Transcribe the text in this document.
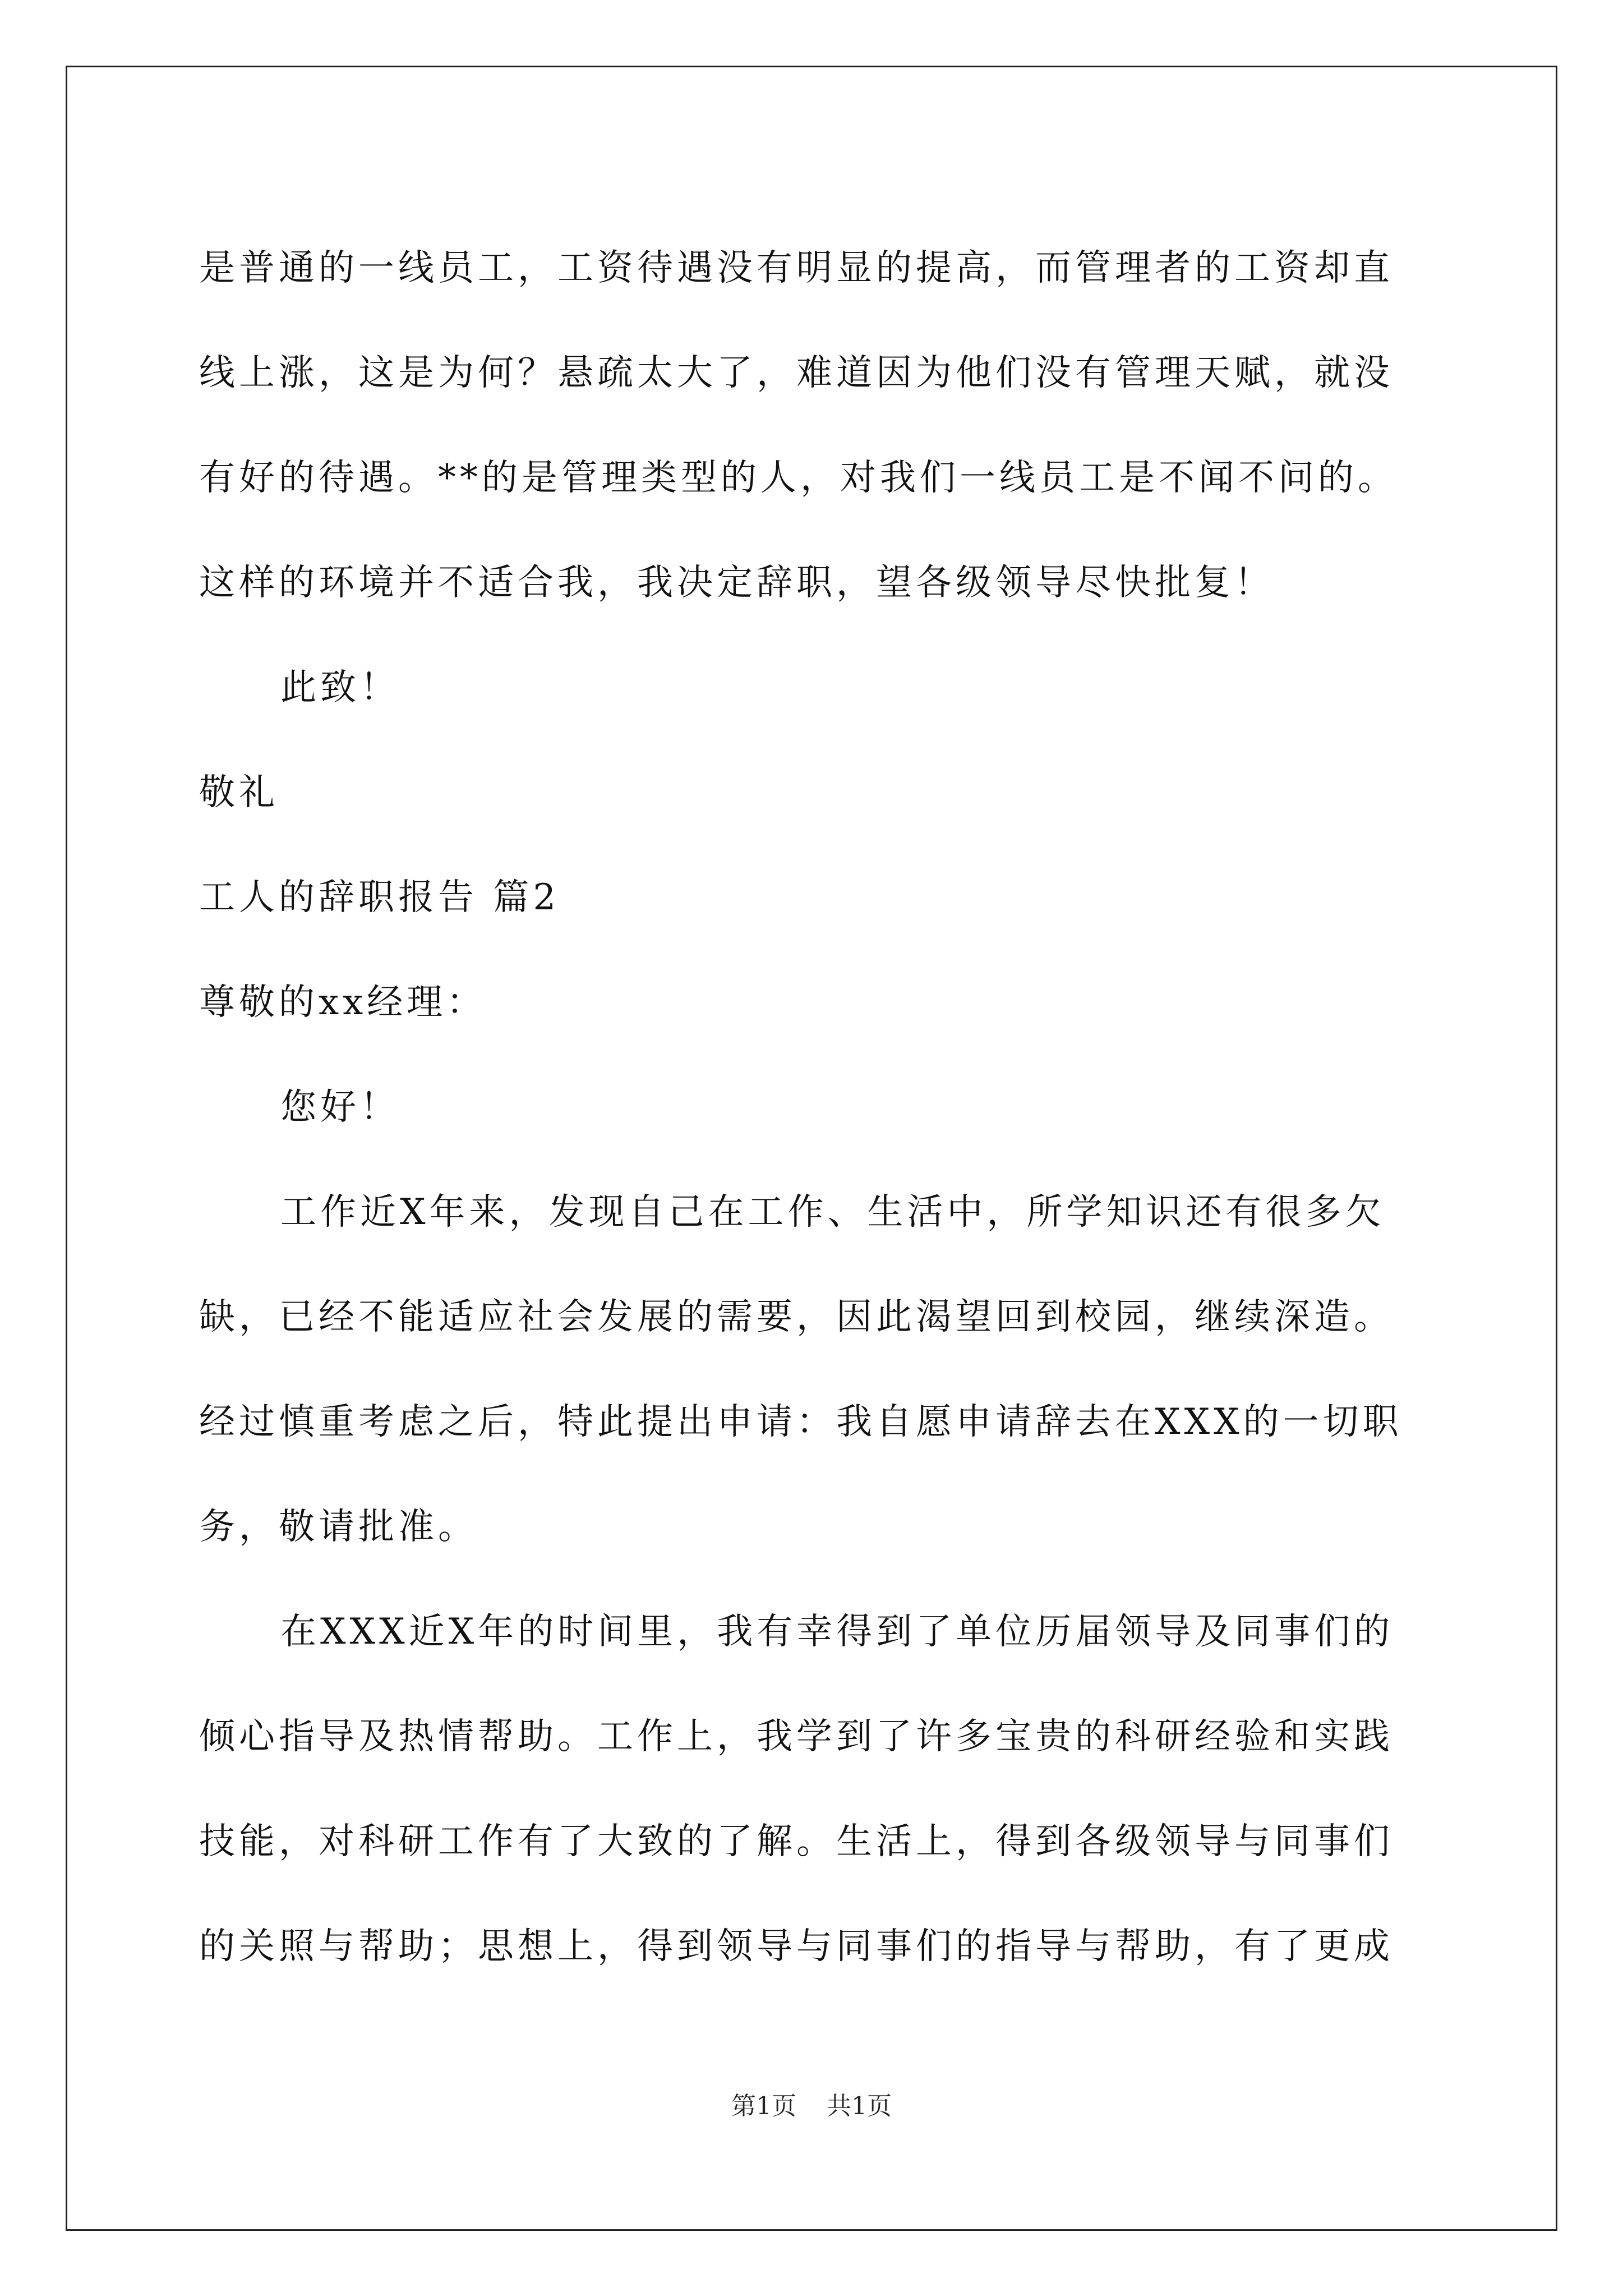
是普通的一线员工，工资待遇没有明显的提高，而管理者的工资却直
线上涨，这是为何？悬疏太大了，难道因为他们没有管理天赋，就没
有好的待遇。**的是管理类型的人，对我们一线员工是不闻不问的。
这样的环境并不适合我，我决定辞职，望各级领导尽快批复！
此致！
敬礼
工人的辞职报告 篇2
尊敬的xx经理：
您好！
工作近X年来，发现自己在工作、生活中，所学知识还有很多欠
缺，已经不能适应社会发展的需要，因此渴望回到校园，继续深造。
经过慎重考虑之后，特此提出申请：我自愿申请辞去在XXX的一切职
务，敬请批准。
在XXX近X年的时间里，我有幸得到了单位历届领导及同事们的
倾心指导及热情帮助。工作上，我学到了许多宝贵的科研经验和实践
技能，对科研工作有了大致的了解。生活上，得到各级领导与同事们
的关照与帮助；思想上，得到领导与同事们的指导与帮助，有了更成
第1页 共1页
